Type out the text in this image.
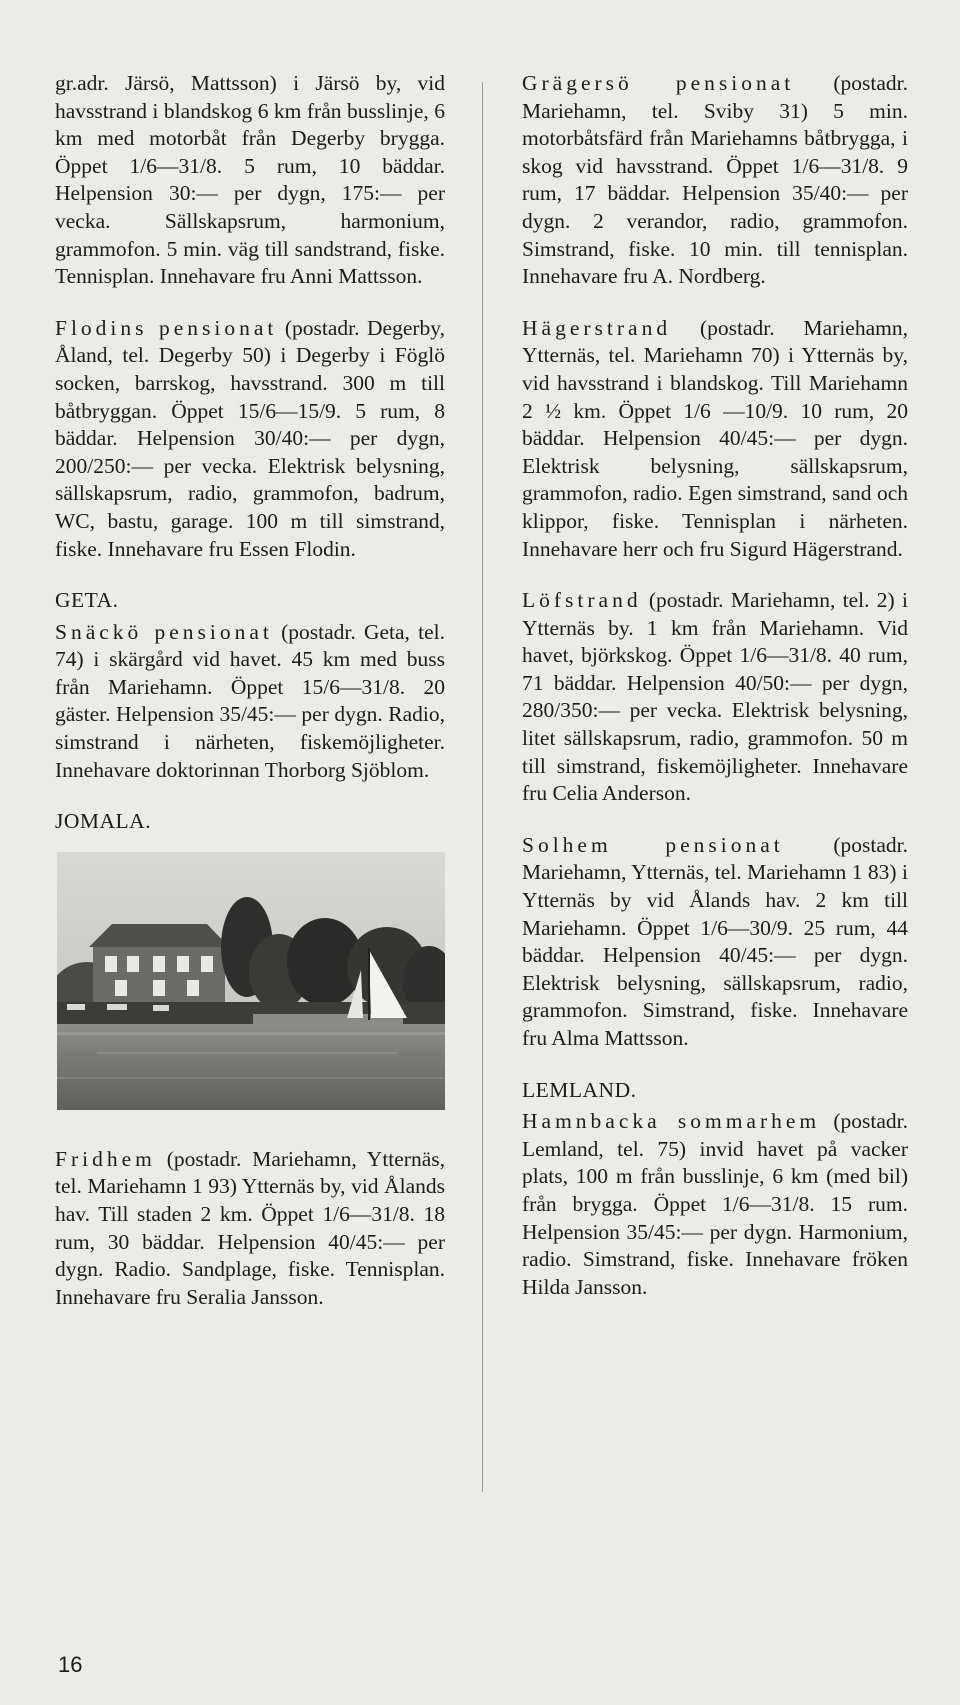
gr.adr. Järsö, Mattsson) i Järsö by, vid havsstrand i blandskog 6 km från busslinje, 6 km med motorbåt från Degerby brygga. Öppet 1/6—31/8. 5 rum, 10 bäddar. Helpension 30:— per dygn, 175:— per vecka. Sällskapsrum, harmonium, grammofon. 5 min. väg till sandstrand, fiske. Tennisplan. Innehavare fru Anni Mattsson.

Flodins pensionat (postadr. Degerby, Åland, tel. Degerby 50) i Degerby i Föglö socken, barrskog, havsstrand. 300 m till båtbryggan. Öppet 15/6—15/9. 5 rum, 8 bäddar. Helpension 30/40:— per dygn, 200/250:— per vecka. Elektrisk belysning, sällskapsrum, radio, grammofon, badrum, WC, bastu, garage. 100 m till simstrand, fiske. Innehavare fru Essen Flodin.

GETA.

Snäckö pensionat (postadr. Geta, tel. 74) i skärgård vid havet. 45 km med buss från Mariehamn. Öppet 15/6—31/8. 20 gäster. Helpension 35/45:— per dygn. Radio, simstrand i närheten, fiskemöjligheter. Innehavare doktorinnan Thorborg Sjöblom.

JOMALA.

Fridhem (postadr. Mariehamn, Ytternäs, tel. Mariehamn 1 93) Ytternäs by, vid Ålands hav. Till staden 2 km. Öppet 1/6—31/8. 18 rum, 30 bäddar. Helpension 40/45:— per dygn. Radio. Sandplage, fiske. Tennisplan. Innehavare fru Seralia Jansson.

Grägersö pensionat (postadr. Mariehamn, tel. Sviby 31) 5 min. motorbåtsfärd från Mariehamns båtbrygga, i skog vid havsstrand. Öppet 1/6—31/8. 9 rum, 17 bäddar. Helpension 35/40:— per dygn. 2 verandor, radio, grammofon. Simstrand, fiske. 10 min. till tennisplan. Innehavare fru A. Nordberg.

Hägerstrand (postadr. Mariehamn, Ytternäs, tel. Mariehamn 70) i Ytternäs by, vid havsstrand i blandskog. Till Mariehamn 2 ½ km. Öppet 1/6 —10/9. 10 rum, 20 bäddar. Helpension 40/45:— per dygn. Elektrisk belysning, sällskapsrum, grammofon, radio. Egen simstrand, sand och klippor, fiske. Tennisplan i närheten. Innehavare herr och fru Sigurd Hägerstrand.

Löfstrand (postadr. Mariehamn, tel. 2) i Ytternäs by. 1 km från Mariehamn. Vid havet, björkskog. Öppet 1/6—31/8. 40 rum, 71 bäddar. Helpension 40/50:— per dygn, 280/350:— per vecka. Elektrisk belysning, litet sällskapsrum, radio, grammofon. 50 m till simstrand, fiskemöjligheter. Innehavare fru Celia Anderson.

Solhem pensionat (postadr. Mariehamn, Ytternäs, tel. Mariehamn 1 83) i Ytternäs by vid Ålands hav. 2 km till Mariehamn. Öppet 1/6—30/9. 25 rum, 44 bäddar. Helpension 40/45:— per dygn. Elektrisk belysning, sällskapsrum, radio, grammofon. Simstrand, fiske. Innehavare fru Alma Mattsson.

LEMLAND.

Hamnbacka sommarhem (postadr. Lemland, tel. 75) invid havet på vacker plats, 100 m från busslinje, 6 km (med bil) från brygga. Öppet 1/6—31/8. 15 rum. Helpension 35/45:— per dygn. Harmonium, radio. Simstrand, fiske. Innehavare fröken Hilda Jansson.

16
